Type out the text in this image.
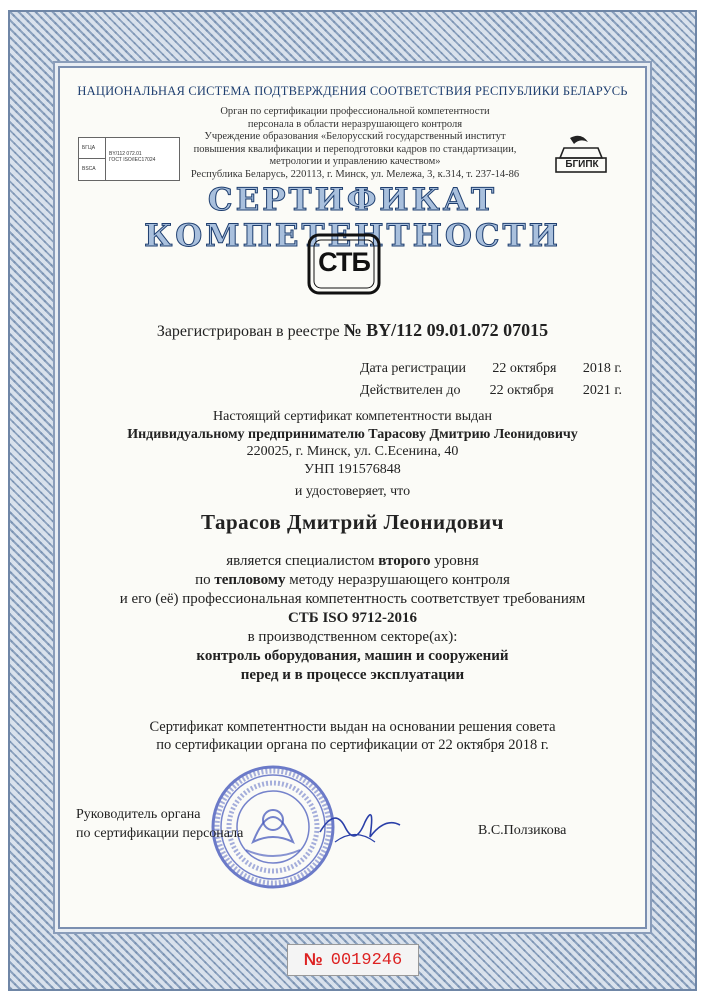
НАЦИОНАЛЬНАЯ СИСТЕМА ПОДТВЕРЖДЕНИЯ СООТВЕТСТВИЯ РЕСПУБЛИКИ БЕЛАРУСЬ
Орган по сертификации профессиональной компетентности
персонала в области неразрушающего контроля
Учреждение образования «Белорусский государственный институт
повышения квалификации и переподготовки кадров по стандартизации,
метрологии и управлению качеством»
Республика Беларусь, 220113, г. Минск, ул. Мележа, 3, к.314, т. 237-14-86
БГЦА
BSCA
BY/112 072.01
ГОСТ ISO/IEC17024	БГИПК
СЕРТИФИКАТ КОМПЕТЕНТНОСТИ
СТБ
Зарегистрирован в реестре № BY/112 09.01.072 07015
Дата регистрации 22 октября 2018 г.
Действителен до 22 октября 2021 г.
Настоящий сертификат компетентности выдан
Индивидуальному предпринимателю Тарасову Дмитрию Леонидовичу
220025, г. Минск, ул. С.Есенина, 40
УНП 191576848
и удостоверяет, что
Тарасов Дмитрий Леонидович
является специалистом второго уровня
по тепловому методу неразрушающего контроля
и его (её) профессиональная компетентность соответствует требованиям
СТБ ISO 9712-2016
в производственном секторе(ах):
контроль оборудования, машин и сооружений
перед и в процессе эксплуатации
Сертификат компетентности выдан на основании решения совета
по сертификации органа по сертификации от 22 октября 2018 г.
Руководитель органа
по сертификации персонала	В.С.Ползикова
№ 0019246
